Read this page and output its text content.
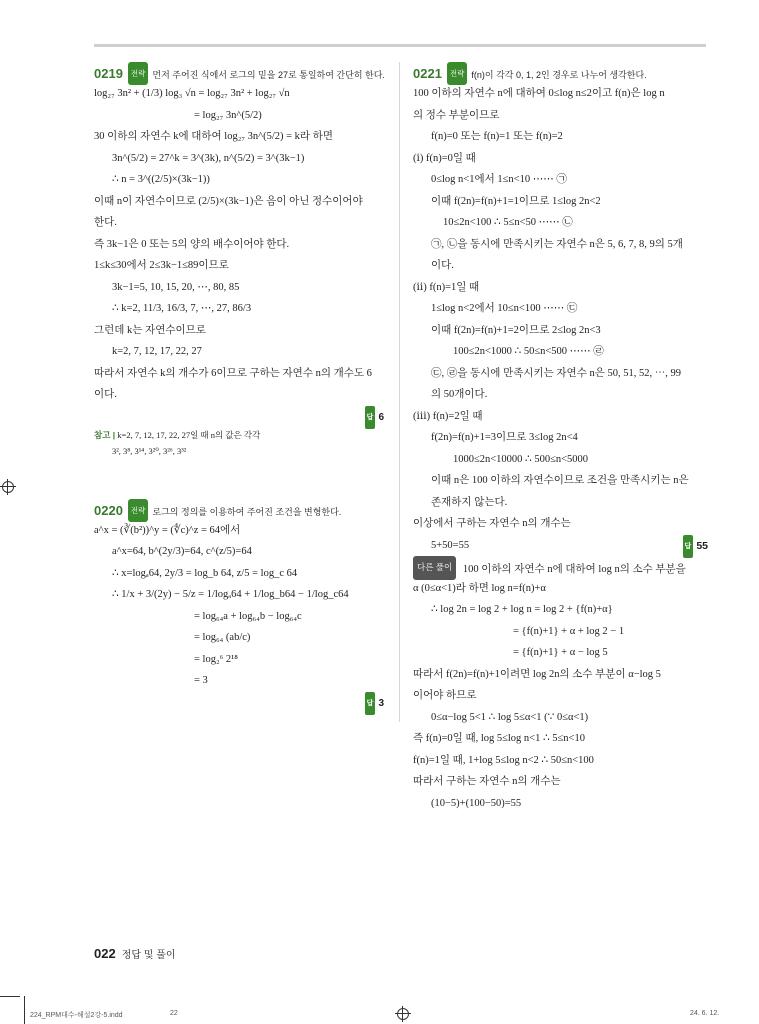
0219 전략 먼저 주어진 식에서 로그의 밑을 27로 통일하여 간단히 한다.
log₂₇ 3n² + (1/3) log₃ √n = log₂₇ 3n² + log₂₇ √n
= log₂₇ 3n^(5/2)
30 이하의 자연수 k에 대하여 log₂₇ 3n^(5/2) = k라 하면
3n^(5/2) = 27^k = 3^(3k), n^(5/2) = 3^(3k−1)
∴ n = 3^((2/5)×(3k−1))
이때 n이 자연수이므로 (2/5)×(3k−1)은 음이 아닌 정수이어야
한다.
즉 3k−1은 0 또는 5의 양의 배수이어야 한다.
1≤k≤30에서 2≤3k−1≤89이므로
3k−1=5, 10, 15, 20, ⋯, 80, 85
∴ k=2, 11/3, 16/3, 7, ⋯, 27, 86/3
그런데 k는 자연수이므로
k=2, 7, 12, 17, 22, 27
따라서 자연수 k의 개수가 6이므로 구하는 자연수 n의 개수도 6
이다.
답 6
참고 | k=2, 7, 12, 17, 22, 27일 때 n의 값은 각각
3², 3⁸, 3¹⁴, 3²⁰, 3²⁶, 3³²
0220 전략 로그의 정의를 이용하여 주어진 조건을 변형한다.
a^x = (∛(b²))^y = (∜c)^z = 64에서
a^x=64, b^(2y/3)=64, c^(z/5)=64
∴ x=logₐ64, 2y/3 = log_b 64, z/5 = log_c 64
∴ 1/x + 3/(2y) − 5/z = 1/logₐ64 + 1/log_b64 − 1/log_c64
= log₆₄a + log₆₄b − log₆₄c
= log₆₄ (ab/c)
= log₂⁶ 2¹⁸
= 3
답 3
0221 전략 f(n)이 각각 0, 1, 2인 경우로 나누어 생각한다.
100 이하의 자연수 n에 대하여 0≤log n≤2이고 f(n)은 log n
의 정수 부분이므로
f(n)=0 또는 f(n)=1 또는 f(n)=2
(ⅰ) f(n)=0일 때
0≤log n<1에서 1≤n<10 ⋯⋯ ㉠
이때 f(2n)=f(n)+1=1이므로 1≤log 2n<2
10≤2n<100 ∴ 5≤n<50 ⋯⋯ ㉡
㉠, ㉡을 동시에 만족시키는 자연수 n은 5, 6, 7, 8, 9의 5개
이다.
(ⅱ) f(n)=1일 때
1≤log n<2에서 10≤n<100 ⋯⋯ ㉢
이때 f(2n)=f(n)+1=2이므로 2≤log 2n<3
100≤2n<1000 ∴ 50≤n<500 ⋯⋯ ㉣
㉢, ㉣을 동시에 만족시키는 자연수 n은 50, 51, 52, ⋯, 99
의 50개이다.
(ⅲ) f(n)=2일 때
f(2n)=f(n)+1=3이므로 3≤log 2n<4
1000≤2n<10000 ∴ 500≤n<5000
이때 n은 100 이하의 자연수이므로 조건을 만족시키는 n은
존재하지 않는다.
이상에서 구하는 자연수 n의 개수는
5+50=55	답 55
다른 풀이 100 이하의 자연수 n에 대하여 log n의 소수 부분을
α (0≤α<1)라 하면 log n=f(n)+α
∴ log 2n = log 2 + log n = log 2 + {f(n)+α}
= {f(n)+1} + α + log 2 − 1
= {f(n)+1} + α − log 5
따라서 f(2n)=f(n)+1이려면 log 2n의 소수 부분이 α−log 5
이어야 하므로
0≤α−log 5<1 ∴ log 5≤α<1 (∵ 0≤α<1)
즉 f(n)=0일 때, log 5≤log n<1 ∴ 5≤n<10
f(n)=1일 때, 1+log 5≤log n<2 ∴ 50≤n<100
따라서 구하는 자연수 n의 개수는
(10−5)+(100−50)=55
022 정답 및 풀이
224_RPM대수-해설2강-5.indd	22	24. 6. 12.
